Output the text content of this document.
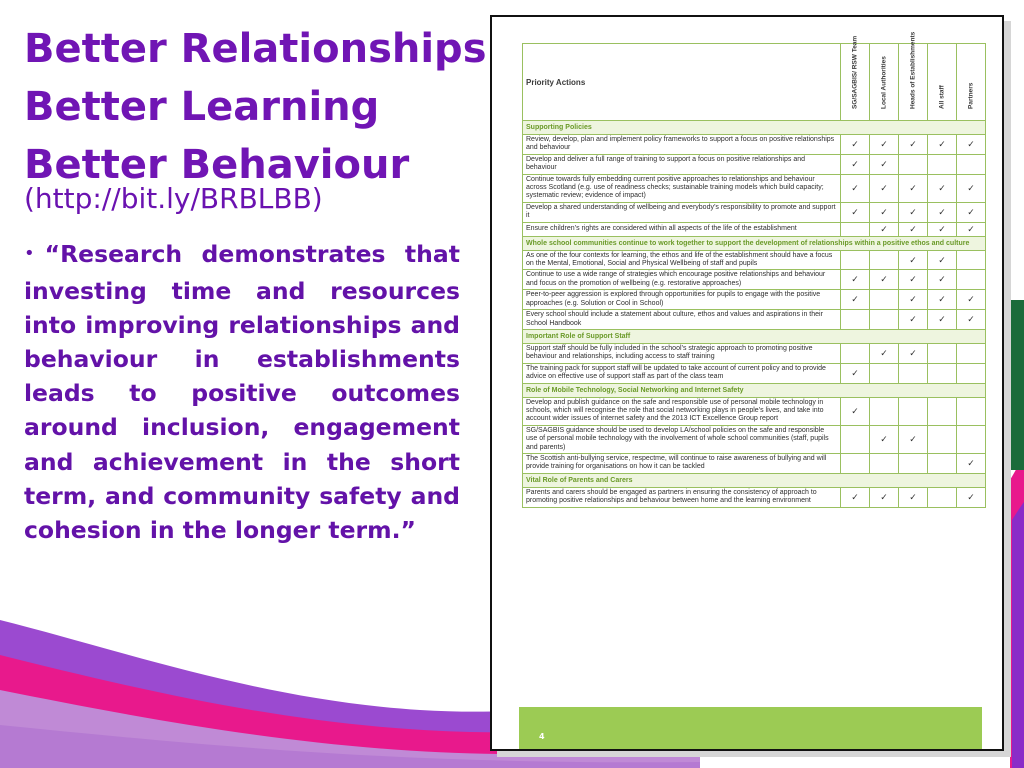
Better Relationships
Better Learning
Better Behaviour
(http://bit.ly/BRBLBB)
• “Research demonstrates that investing time and resources into improving relationships and behaviour in establishments leads to positive outcomes around inclusion, engagement and achievement in the short term, and community safety and cohesion in the longer term.”
Priority Actions	SG/SAGBIS/ RSW Team	Local Authorities	Heads of Establishments	All staff	Partners

Supporting Policies					
Review, develop, plan and implement policy frameworks to support a focus on positive relationships and behaviour	✓	✓	✓	✓	✓
Develop and deliver a full range of training to support a focus on positive relationships and behaviour	✓	✓			
Continue towards fully embedding current positive approaches to relationships and behaviour across Scotland (e.g. use of readiness checks; sustainable training models which build capacity; systematic review; evidence of impact)	✓	✓	✓	✓	✓
Develop a shared understanding of wellbeing and everybody’s responsibility to promote and support it	✓	✓	✓	✓	✓
Ensure children’s rights are considered within all aspects of the life of the establishment		✓	✓	✓	✓
Whole school communities continue to work together to support the development of relationships within a positive ethos and culture					
As one of the four contexts for learning, the ethos and life of the establishment should have a focus on the Mental, Emotional, Social and Physical Wellbeing of staff and pupils			✓	✓	
Continue to use a wide range of strategies which encourage positive relationships and behaviour and focus on the promotion of wellbeing (e.g. restorative approaches)	✓	✓	✓	✓	
Peer-to-peer aggression is explored through opportunities for pupils to engage with the positive approaches (e.g. Solution or Cool in School)	✓		✓	✓	✓
Every school should include a statement about culture, ethos and values and aspirations in their School Handbook			✓	✓	✓
Important Role of Support Staff					
Support staff should be fully included in the school’s strategic approach to promoting positive behaviour and relationships, including access to staff training		✓	✓		
The training pack for support staff will be updated to take account of current policy and to provide advice on effective use of support staff as part of the class team	✓				
Role of Mobile Technology, Social Networking and Internet Safety					
Develop and publish guidance on the safe and responsible use of personal mobile technology in schools, which will recognise the role that social networking plays in people’s lives, and take into account wider issues of internet safety and the 2013 ICT Excellence Group report	✓				
SG/SAGBIS guidance should be used to develop LA/school policies on the safe and responsible use of personal mobile technology with the involvement of whole school communities (staff, pupils and parents)		✓	✓		
The Scottish anti-bullying service, respectme, will continue to raise awareness of bullying and will provide training for organisations on how it can be tackled					✓
Vital Role of Parents and Carers					
Parents and carers should be engaged as partners in ensuring the consistency of approach to promoting positive relationships and behaviour between home and the learning environment	✓	✓	✓		✓
4
